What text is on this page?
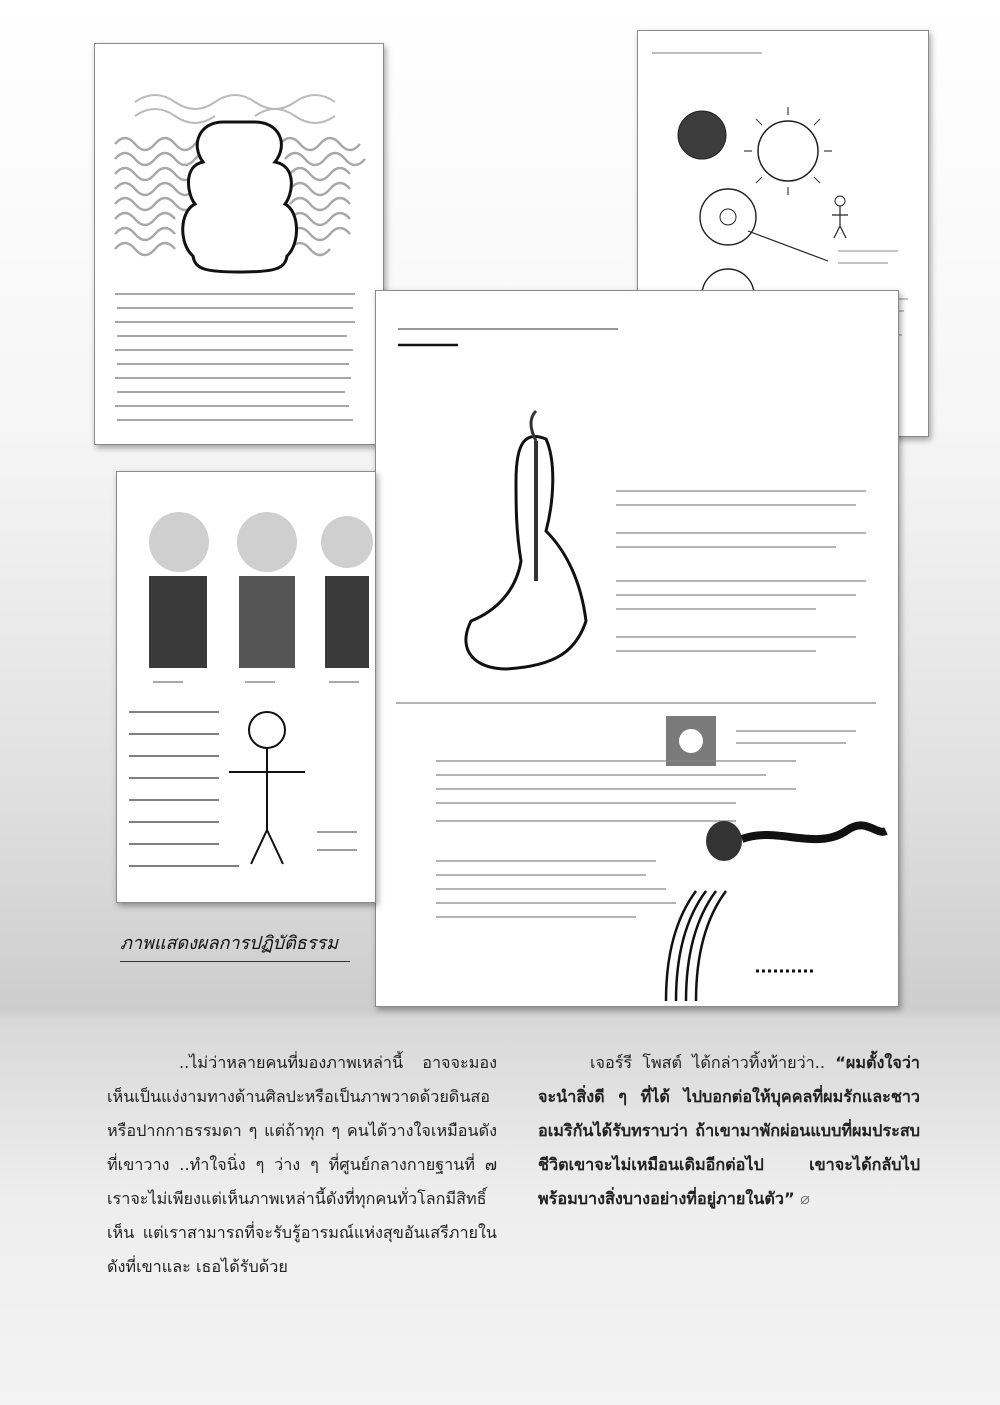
ภาพแสดงผลการปฏิบัติธรรม
..ไม่ว่าหลายคนที่มองภาพเหล่านี้ อาจจะมอง เห็นเป็นแง่งามทางด้านศิลปะหรือเป็นภาพวาดด้วยดินสอหรือปากกาธรรมดา ๆ แต่ถ้าทุก ๆ คนได้วางใจเหมือนดังที่เขาวาง ..ทำใจนิ่ง ๆ ว่าง ๆ ที่ศูนย์กลางกายฐานที่ ๗ เราจะไม่เพียงแต่เห็นภาพเหล่านี้ดังที่ทุกคนทั่วโลกมีสิทธิ์เห็น แต่เราสามารถที่จะรับรู้อารมณ์แห่งสุขอันเสรีภายในดังที่เขาและ เธอได้รับด้วย
เจอร์รี โพสต์ ได้กล่าวทิ้งท้ายว่า.. “ผมตั้งใจว่าจะนำสิ่งดี ๆ ที่ได้ ไปบอกต่อให้บุคคลที่ผมรักและชาวอเมริกันได้รับทราบว่า ถ้าเขามาพักผ่อนแบบที่ผมประสบ ชีวิตเขาจะไม่เหมือนเดิมอีกต่อไป เขาจะได้กลับไปพร้อมบางสิ่งบางอย่างที่อยู่ภายในตัว” ⌀
